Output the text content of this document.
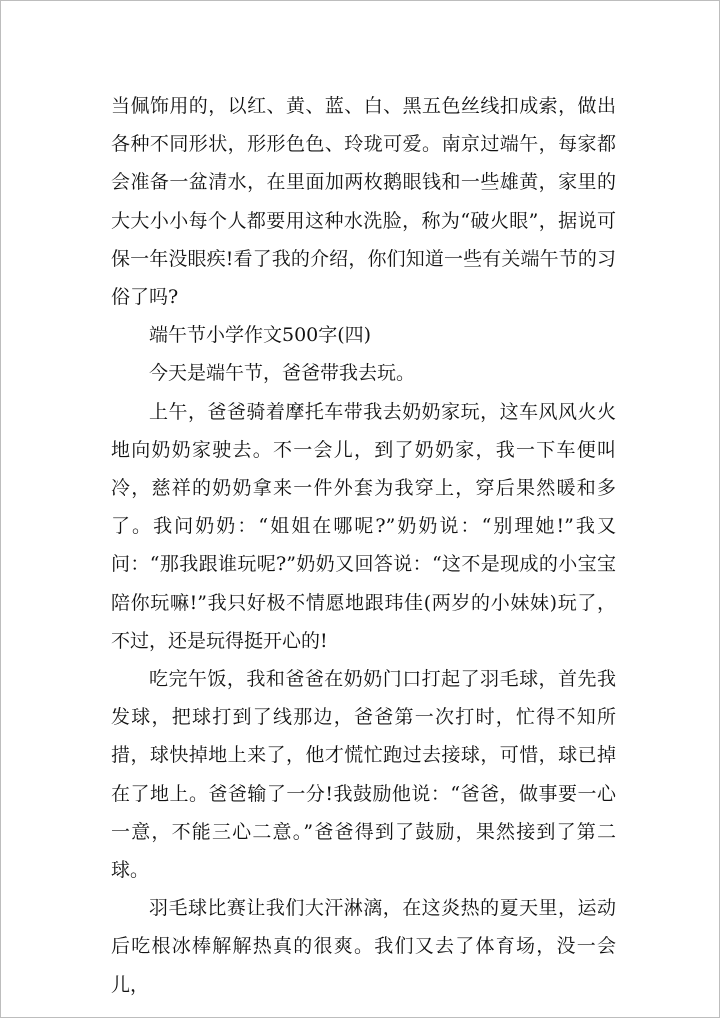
当佩饰用的，以红、黄、蓝、白、黑五色丝线扣成索，做出各种不同形状，形形色色、玲珑可爱。南京过端午，每家都会准备一盆清水，在里面加两枚鹅眼钱和一些雄黄，家里的大大小小每个人都要用这种水洗脸，称为“破火眼”，据说可保一年没眼疾!看了我的介绍，你们知道一些有关端午节的习俗了吗?

端午节小学作文500字(四)

今天是端午节，爸爸带我去玩。

上午，爸爸骑着摩托车带我去奶奶家玩，这车风风火火地向奶奶家驶去。不一会儿，到了奶奶家，我一下车便叫冷，慈祥的奶奶拿来一件外套为我穿上，穿后果然暖和多了。我问奶奶：“姐姐在哪呢?”奶奶说：“别理她!”我又问：“那我跟谁玩呢?”奶奶又回答说：“这不是现成的小宝宝陪你玩嘛!”我只好极不情愿地跟玮佳(两岁的小妹妹)玩了，不过，还是玩得挺开心的!

吃完午饭，我和爸爸在奶奶门口打起了羽毛球，首先我发球，把球打到了线那边，爸爸第一次打时，忙得不知所措，球快掉地上来了，他才慌忙跑过去接球，可惜，球已掉在了地上。爸爸输了一分!我鼓励他说：“爸爸，做事要一心一意，不能三心二意。”爸爸得到了鼓励，果然接到了第二球。

羽毛球比赛让我们大汗淋漓，在这炎热的夏天里，运动后吃根冰棒解解热真的很爽。我们又去了体育场，没一会儿，
